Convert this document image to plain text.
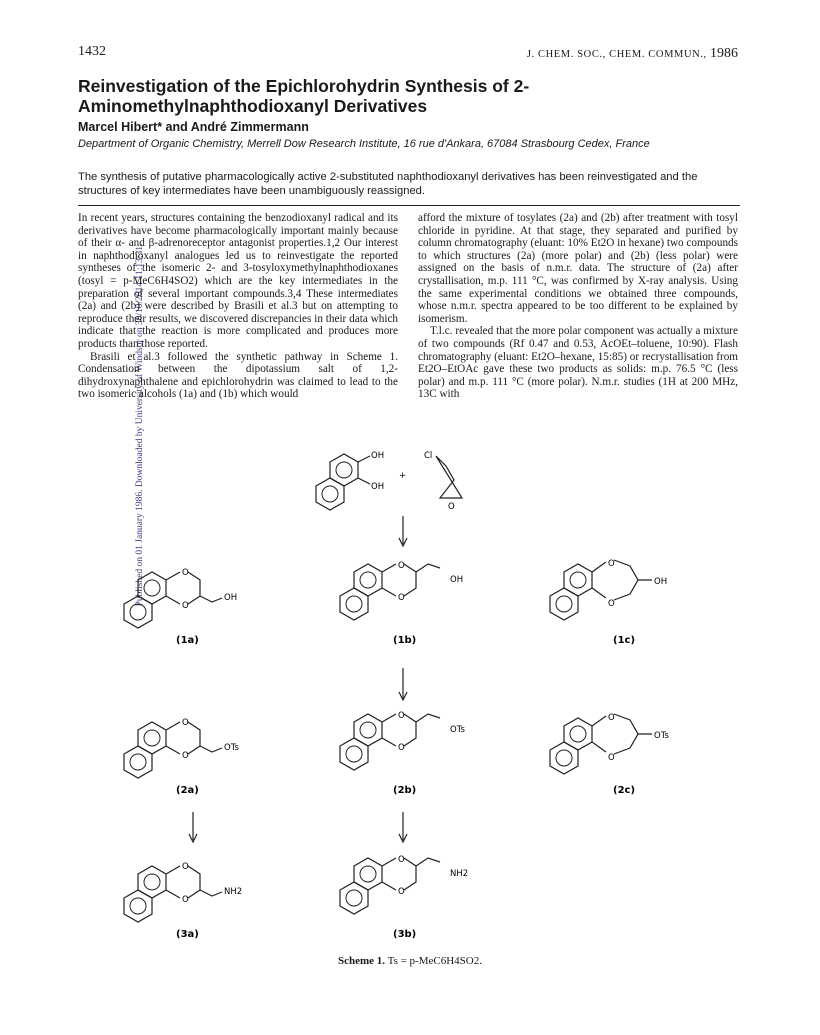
Published on 01 January 1986. Downloaded by University of Windsor on 30/10/2014 11:13:31.
1432	J. CHEM. SOC., CHEM. COMMUN., 1986
Reinvestigation of the Epichlorohydrin Synthesis of 2-Aminomethylnaphthodioxanyl Derivatives
Marcel Hibert* and André Zimmermann
Department of Organic Chemistry, Merrell Dow Research Institute, 16 rue d'Ankara, 67084 Strasbourg Cedex, France
The synthesis of putative pharmacologically active 2-substituted naphthodioxanyl derivatives has been reinvestigated and the structures of key intermediates have been unambiguously reassigned.

In recent years, structures containing the benzodioxanyl radical and its derivatives have become pharmacologically important mainly because of their α- and β-adrenoreceptor antagonist properties.1,2 Our interest in naphthodioxanyl analogues led us to reinvestigate the reported syntheses of the isomeric 2- and 3-tosyloxymethylnaphthodioxanes (tosyl = p-MeC6H4SO2) which are the key intermediates in the preparation of several important compounds.3,4 These intermediates (2a) and (2b) were described by Brasili et al.3 but on attempting to reproduce their results, we discovered discrepancies in their data which indicate that the reaction is more complicated and produces more products than those reported.

Brasili et al.3 followed the synthetic pathway in Scheme 1. Condensation between the dipotassium salt of 1,2-dihydroxynaphthalene and epichlorohydrin was claimed to lead to the two isomeric alcohols (1a) and (1b) which would

afford the mixture of tosylates (2a) and (2b) after treatment with tosyl chloride in pyridine. At that stage, they separated and purified by column chromatography (eluant: 10% Et2O in hexane) two compounds to which structures (2a) (more polar) and (2b) (less polar) were assigned on the basis of n.m.r. data. The structure of (2a) after crystallisation, m.p. 111 °C, was confirmed by X-ray analysis. Using the same experimental conditions we obtained three compounds, whose n.m.r. spectra appeared to be too different to be explained by isomerism.

T.l.c. revealed that the more polar component was actually a mixture of two compounds (Rf 0.47 and 0.53, AcOEt–toluene, 10:90). Flash chromatography (eluant: Et2O–hexane, 15:85) or recrystallisation from Et2O–EtOAc gave these two products as solids: m.p. 76.5 °C (less polar) and m.p. 111 °C (more polar). N.m.r. studies (1H at 200 MHz, 13C with

OH
OH
+
Cl
O
O
O
OH
O
O
OH
O
O
OH
(1a)	(1b)	(1c)
O
O
OTs
O
O
OTs
O
O
OTs
(2a)	(2b)	(2c)
O
O
NH2
O
O
NH2
(3a)	(3b)
Scheme 1. Ts = p-MeC6H4SO2.
